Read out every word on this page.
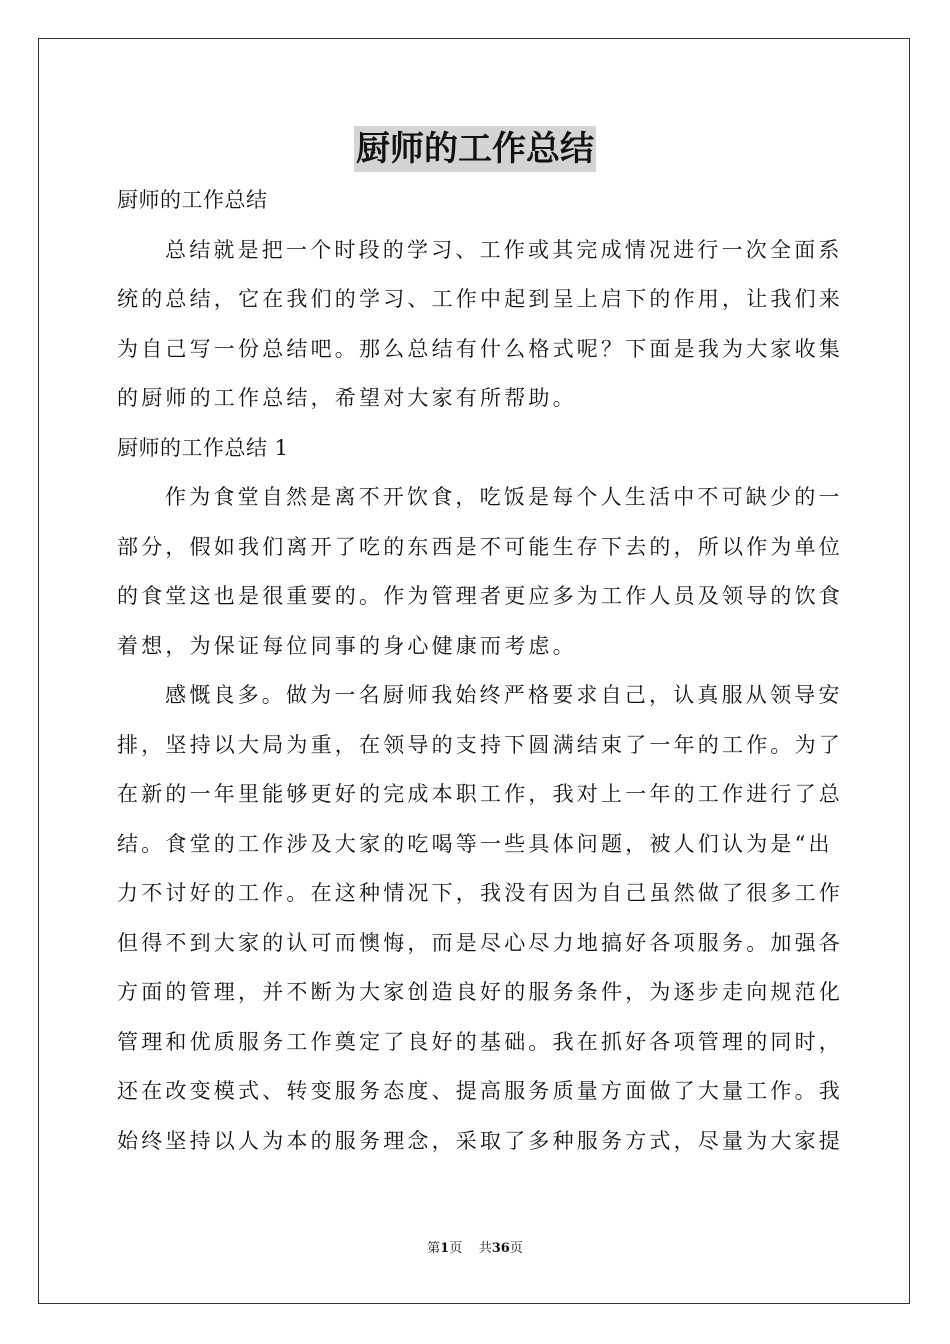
厨师的工作总结
厨师的工作总结
总结就是把一个时段的学习、工作或其完成情况进行一次全面系
统的总结，它在我们的学习、工作中起到呈上启下的作用，让我们来
为自己写一份总结吧。那么总结有什么格式呢？下面是我为大家收集
的厨师的工作总结，希望对大家有所帮助。
厨师的工作总结 1
作为食堂自然是离不开饮食，吃饭是每个人生活中不可缺少的一
部分，假如我们离开了吃的东西是不可能生存下去的，所以作为单位
的食堂这也是很重要的。作为管理者更应多为工作人员及领导的饮食
着想，为保证每位同事的身心健康而考虑。
感慨良多。做为一名厨师我始终严格要求自己，认真服从领导安
排，坚持以大局为重，在领导的支持下圆满结束了一年的工作。为了
在新的一年里能够更好的完成本职工作，我对上一年的工作进行了总
结。食堂的工作涉及大家的吃喝等一些具体问题，被人们认为是“出
力不讨好的工作。在这种情况下，我没有因为自己虽然做了很多工作
但得不到大家的认可而懊悔，而是尽心尽力地搞好各项服务。加强各
方面的管理，并不断为大家创造良好的服务条件，为逐步走向规范化
管理和优质服务工作奠定了良好的基础。我在抓好各项管理的同时，
还在改变模式、转变服务态度、提高服务质量方面做了大量工作。我
始终坚持以人为本的服务理念，采取了多种服务方式，尽量为大家提
第1页    共36页
